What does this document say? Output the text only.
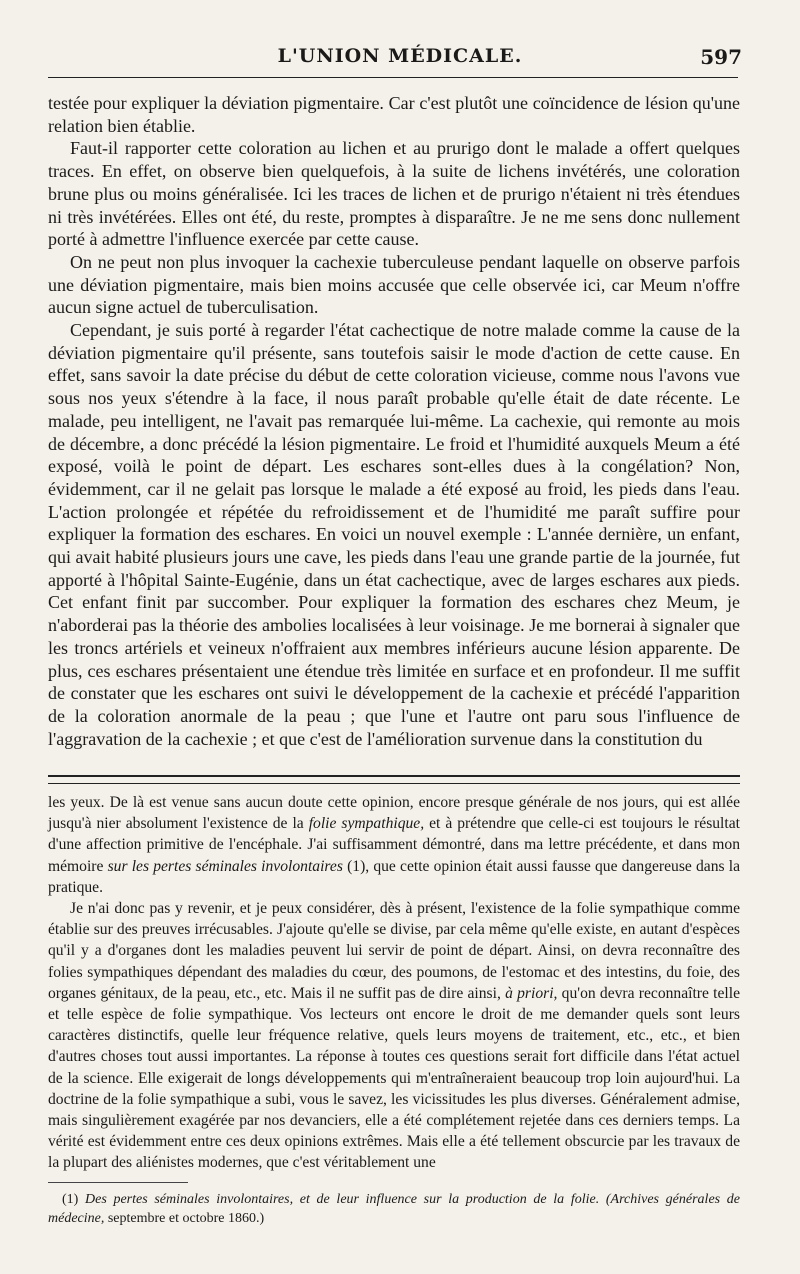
L'UNION MÉDICALE.	597

testée pour expliquer la déviation pigmentaire. Car c'est plutôt une coïncidence de lésion qu'une relation bien établie.

Faut-il rapporter cette coloration au lichen et au prurigo dont le malade a offert quelques traces. En effet, on observe bien quelquefois, à la suite de lichens invétérés, une coloration brune plus ou moins généralisée. Ici les traces de lichen et de prurigo n'étaient ni très étendues ni très invétérées. Elles ont été, du reste, promptes à disparaître. Je ne me sens donc nullement porté à admettre l'influence exercée par cette cause.

On ne peut non plus invoquer la cachexie tuberculeuse pendant laquelle on observe parfois une déviation pigmentaire, mais bien moins accusée que celle observée ici, car Meum n'offre aucun signe actuel de tuberculisation.

Cependant, je suis porté à regarder l'état cachectique de notre malade comme la cause de la déviation pigmentaire qu'il présente, sans toutefois saisir le mode d'action de cette cause. En effet, sans savoir la date précise du début de cette coloration vicieuse, comme nous l'avons vue sous nos yeux s'étendre à la face, il nous paraît probable qu'elle était de date récente. Le malade, peu intelligent, ne l'avait pas remarquée lui-même. La cachexie, qui remonte au mois de décembre, a donc précédé la lésion pigmentaire. Le froid et l'humidité auxquels Meum a été exposé, voilà le point de départ. Les eschares sont-elles dues à la congélation? Non, évidemment, car il ne gelait pas lorsque le malade a été exposé au froid, les pieds dans l'eau. L'action prolongée et répétée du refroidissement et de l'humidité me paraît suffire pour expliquer la formation des eschares. En voici un nouvel exemple : L'année dernière, un enfant, qui avait habité plusieurs jours une cave, les pieds dans l'eau une grande partie de la journée, fut apporté à l'hôpital Sainte-Eugénie, dans un état cachectique, avec de larges eschares aux pieds. Cet enfant finit par succomber. Pour expliquer la formation des eschares chez Meum, je n'aborderai pas la théorie des ambolies localisées à leur voisinage. Je me bornerai à signaler que les troncs artériels et veineux n'offraient aux membres inférieurs aucune lésion apparente. De plus, ces eschares présentaient une étendue très limitée en surface et en profondeur. Il me suffit de constater que les eschares ont suivi le développement de la cachexie et précédé l'apparition de la coloration anormale de la peau ; que l'une et l'autre ont paru sous l'influence de l'aggravation de la cachexie ; et que c'est de l'amélioration survenue dans la constitution du

les yeux. De là est venue sans aucun doute cette opinion, encore presque générale de nos jours, qui est allée jusqu'à nier absolument l'existence de la folie sympathique, et à prétendre que celle-ci est toujours le résultat d'une affection primitive de l'encéphale. J'ai suffisamment démontré, dans ma lettre précédente, et dans mon mémoire sur les pertes séminales involontaires (1), que cette opinion était aussi fausse que dangereuse dans la pratique.

Je n'ai donc pas y revenir, et je peux considérer, dès à présent, l'existence de la folie sympathique comme établie sur des preuves irrécusables. J'ajoute qu'elle se divise, par cela même qu'elle existe, en autant d'espèces qu'il y a d'organes dont les maladies peuvent lui servir de point de départ. Ainsi, on devra reconnaître des folies sympathiques dépendant des maladies du cœur, des poumons, de l'estomac et des intestins, du foie, des organes génitaux, de la peau, etc., etc. Mais il ne suffit pas de dire ainsi, à priori, qu'on devra reconnaître telle et telle espèce de folie sympathique. Vos lecteurs ont encore le droit de me demander quels sont leurs caractères distinctifs, quelle leur fréquence relative, quels leurs moyens de traitement, etc., etc., et bien d'autres choses tout aussi importantes. La réponse à toutes ces questions serait fort difficile dans l'état actuel de la science. Elle exigerait de longs développements qui m'entraîneraient beaucoup trop loin aujourd'hui. La doctrine de la folie sympathique a subi, vous le savez, les vicissitudes les plus diverses. Généralement admise, mais singulièrement exagérée par nos devanciers, elle a été complétement rejetée dans ces derniers temps. La vérité est évidemment entre ces deux opinions extrêmes. Mais elle a été tellement obscurcie par les travaux de la plupart des aliénistes modernes, que c'est véritablement une

(1) Des pertes séminales involontaires, et de leur influence sur la production de la folie. (Archives générales de médecine, septembre et octobre 1860.)
